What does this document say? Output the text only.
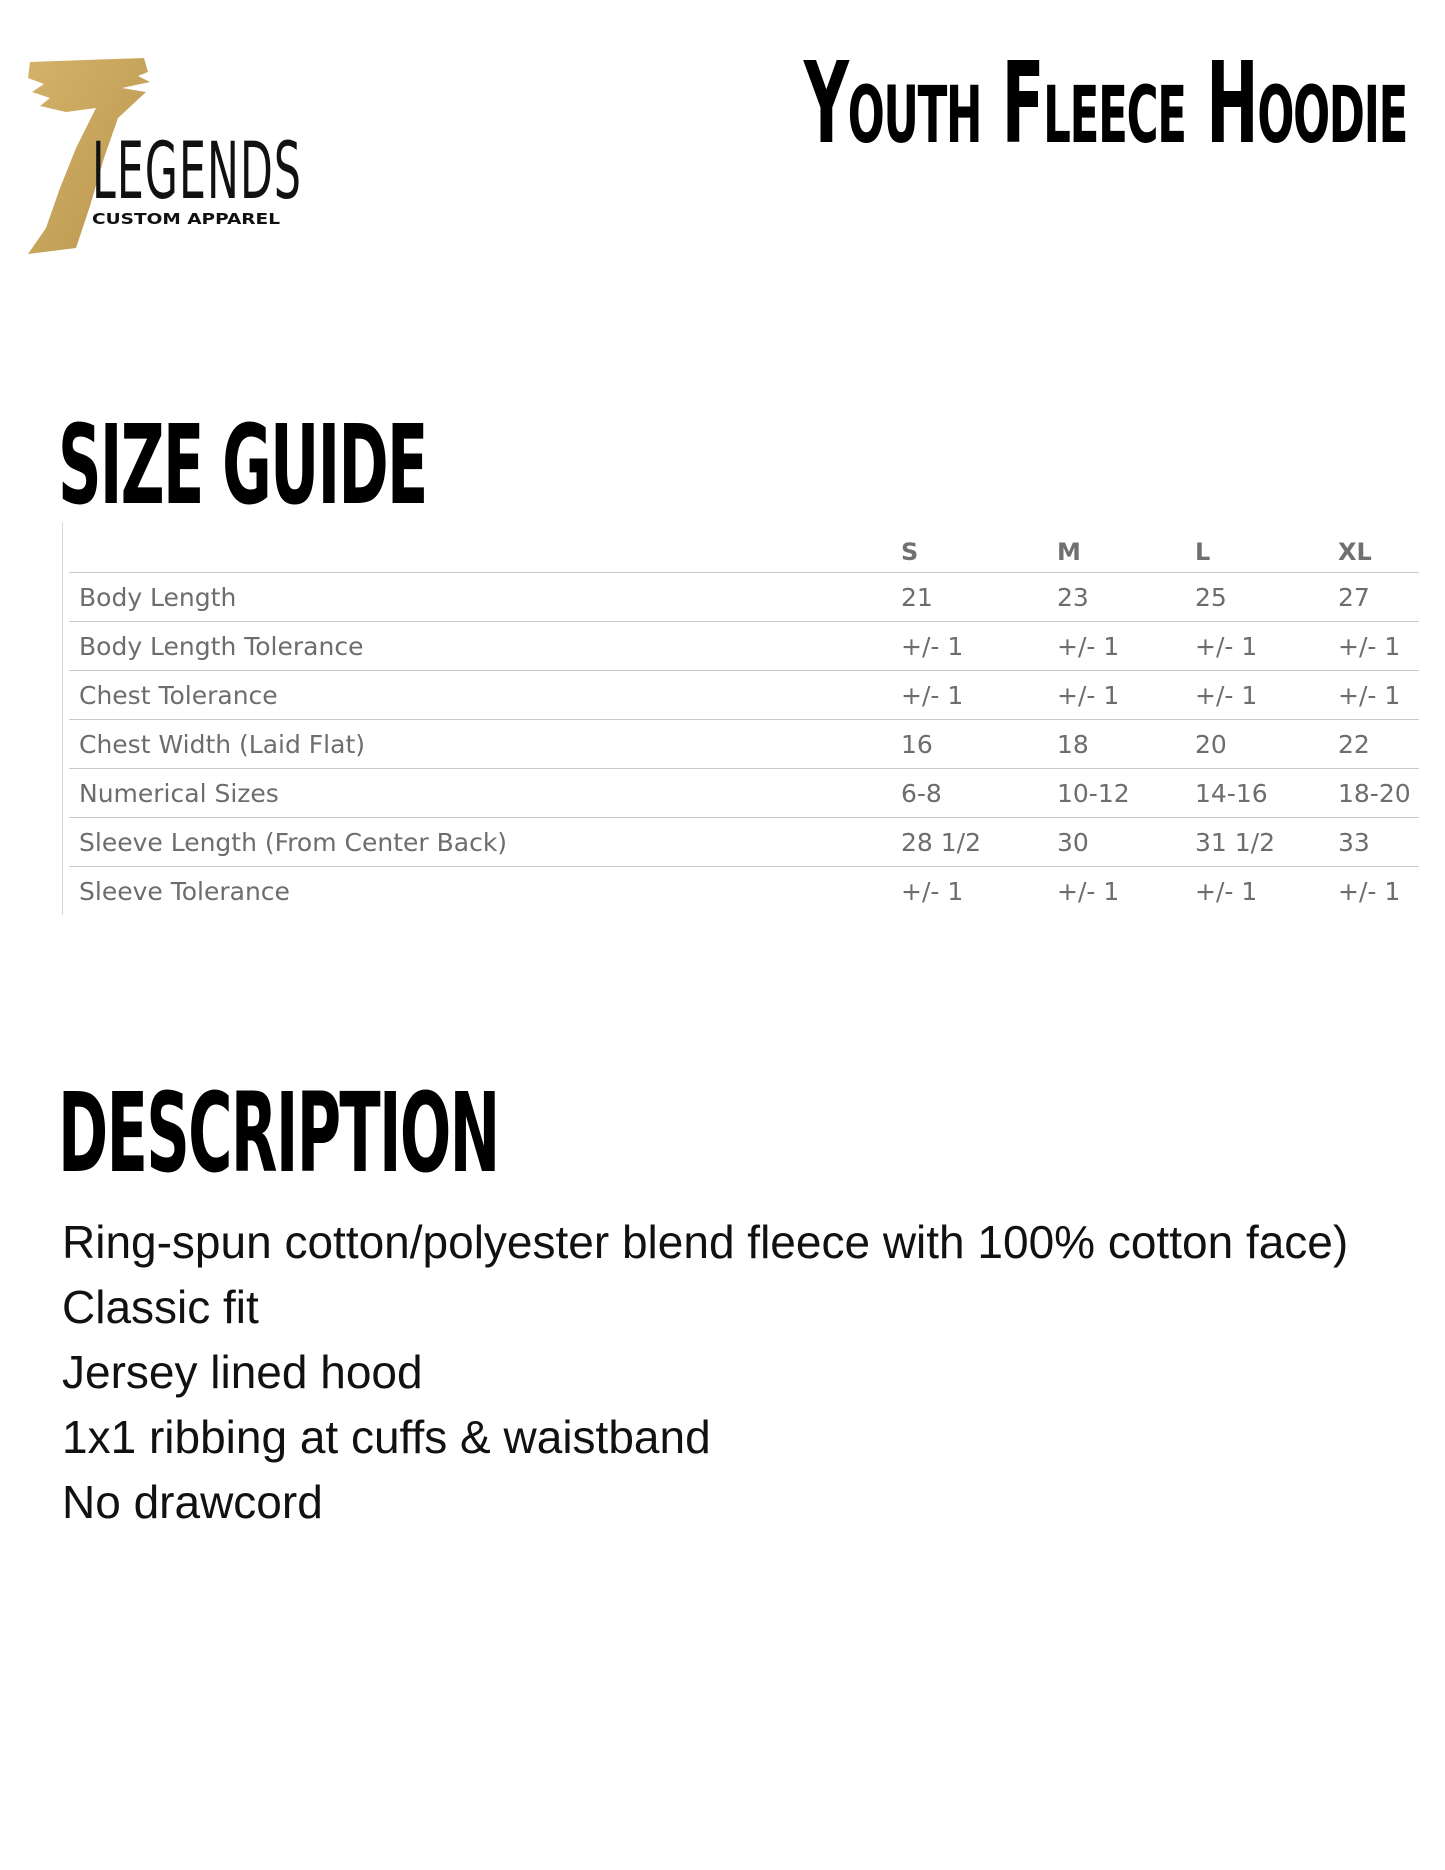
7
LEGENDS
CUSTOM APPAREL
Youth Fleece Hoodie
SIZE GUIDE
	S	M	L	XL
Body Length	21	23	25	27
Body Length Tolerance	+/- 1	+/- 1	+/- 1	+/- 1
Chest Tolerance	+/- 1	+/- 1	+/- 1	+/- 1
Chest Width (Laid Flat)	16	18	20	22
Numerical Sizes	6-8	10-12	14-16	18-20
Sleeve Length (From Center Back)	28 1/2	30	31 1/2	33
Sleeve Tolerance	+/- 1	+/- 1	+/- 1	+/- 1
DESCRIPTION
Ring-spun cotton/polyester blend fleece with 100% cotton face)
Classic fit
Jersey lined hood
1x1 ribbing at cuffs & waistband
No drawcord
